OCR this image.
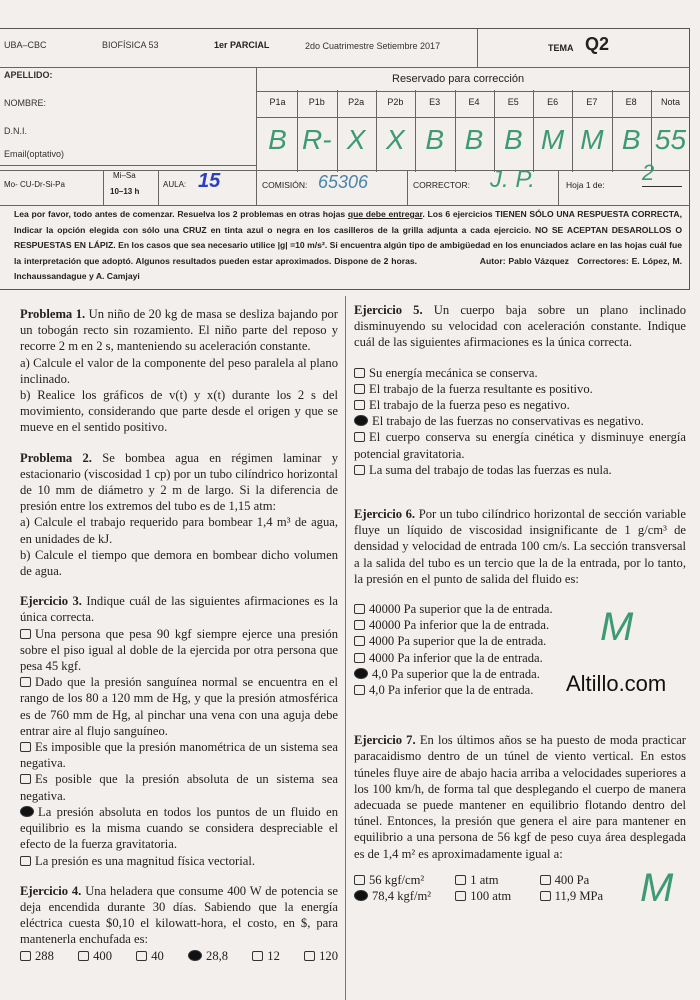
UBA–CBC	BIOFÍSICA 53	1er PARCIAL	2do Cuatrimestre Setiembre 2017	TEMA Q2
APELLIDO:
NOMBRE:
D.N.I.
Email(optativo)
Reservado para corrección
P1a
B
P1b
R-
P2a
X
P2b
X
E3
B
E4
B
E5
B
E6
M
E7
M
E8
B
Nota
55
Mo- CU-Dr-Si-Pa
Mi–Sa
10–13 h
AULA: 15	COMISIÓN: 65306	CORRECTOR: J. P.	Hoja 1 de: 2
Lea por favor, todo antes de comenzar. Resuelva los 2 problemas en otras hojas que debe entregar. Los 6 ejercicios TIENEN SÓLO UNA RESPUESTA CORRECTA, Indicar la opción elegida con sólo una CRUZ en tinta azul o negra en los casilleros de la grilla adjunta a cada ejercicio. NO SE ACEPTAN DESAROLLOS O RESPUESTAS EN LÁPIZ. En los casos que sea necesario utilice |g| =10 m/s². Si encuentra algún tipo de ambigüedad en los enunciados aclare en las hojas cuál fue la interpretación que adoptó. Algunos resultados pueden estar aproximados. Dispone de 2 horas.	Autor: Pablo Vázquez Correctores: E. López, M. Inchaussandague y A. Camjayi

Problema 1. Un niño de 20 kg de masa se desliza bajando por un tobogán recto sin rozamiento. El niño parte del reposo y recorre 2 m en 2 s, manteniendo su aceleración constante.

a) Calcule el valor de la componente del peso paralela al plano inclinado.

b) Realice los gráficos de v(t) y x(t) durante los 2 s del movimiento, considerando que parte desde el origen y que se mueve en el sentido positivo.

Problema 2. Se bombea agua en régimen laminar y estacionario (viscosidad 1 cp) por un tubo cilíndrico horizontal de 10 mm de diámetro y 2 m de largo. Si la diferencia de presión entre los extremos del tubo es de 1,15 atm:

a) Calcule el trabajo requerido para bombear 1,4 m³ de agua, en unidades de kJ.

b) Calcule el tiempo que demora en bombear dicho volumen de agua.

Ejercicio 3. Indique cuál de las siguientes afirmaciones es la única correcta.

Una persona que pesa 90 kgf siempre ejerce una presión sobre el piso igual al doble de la ejercida por otra persona que pesa 45 kgf.
Dado que la presión sanguínea normal se encuentra en el rango de los 80 a 120 mm de Hg, y que la presión atmosférica es de 760 mm de Hg, al pinchar una vena con una aguja debe entrar aire al flujo sanguíneo.
Es imposible que la presión manométrica de un sistema sea negativa.
Es posible que la presión absoluta de un sistema sea negativa.
La presión absoluta en todos los puntos de un fluido en equilibrio es la misma cuando se considera despreciable el efecto de la fuerza gravitatoria.
La presión es una magnitud física vectorial.

Ejercicio 4. Una heladera que consume 400 W de potencia se deja encendida durante 30 días. Sabiendo que la energía eléctrica cuesta $0,10 el kilowatt-hora, el costo, en $, para mantenerla enchufada es:

288	400	40	28,8	12	120

Ejercicio 5. Un cuerpo baja sobre un plano inclinado disminuyendo su velocidad con aceleración constante. Indique cuál de las siguientes afirmaciones es la única correcta.

Su energía mecánica se conserva.
El trabajo de la fuerza resultante es positivo.
El trabajo de la fuerza peso es negativo.
El trabajo de las fuerzas no conservativas es negativo.
El cuerpo conserva su energía cinética y disminuye energía potencial gravitatoria.
La suma del trabajo de todas las fuerzas es nula.

Ejercicio 6. Por un tubo cilíndrico horizontal de sección variable fluye un líquido de viscosidad insignificante de 1 g/cm³ de densidad y velocidad de entrada 100 cm/s. La sección transversal a la salida del tubo es un tercio que la de la entrada, por lo tanto, la presión en el punto de salida del fluido es:

40000 Pa superior que la de entrada.
40000 Pa inferior que la de entrada.
4000 Pa superior que la de entrada.
4000 Pa inferior que la de entrada.
4,0 Pa superior que la de entrada.
4,0 Pa inferior que la de entrada.

Ejercicio 7. En los últimos años se ha puesto de moda practicar paracaidismo dentro de un túnel de viento vertical. En estos túneles fluye aire de abajo hacia arriba a velocidades superiores a los 100 km/h, de forma tal que desplegando el cuerpo de manera adecuada se puede mantener en equilibrio flotando dentro del túnel. Entonces, la presión que genera el aire para mantener en equilibrio a una persona de 56 kgf de peso cuya área desplegada es de 1,4 m² es aproximadamente igual a:

56 kgf/cm²	1 atm	400 Pa
78,4 kgf/m²	100 atm	11,9 MPa
M
M
Altillo.com
